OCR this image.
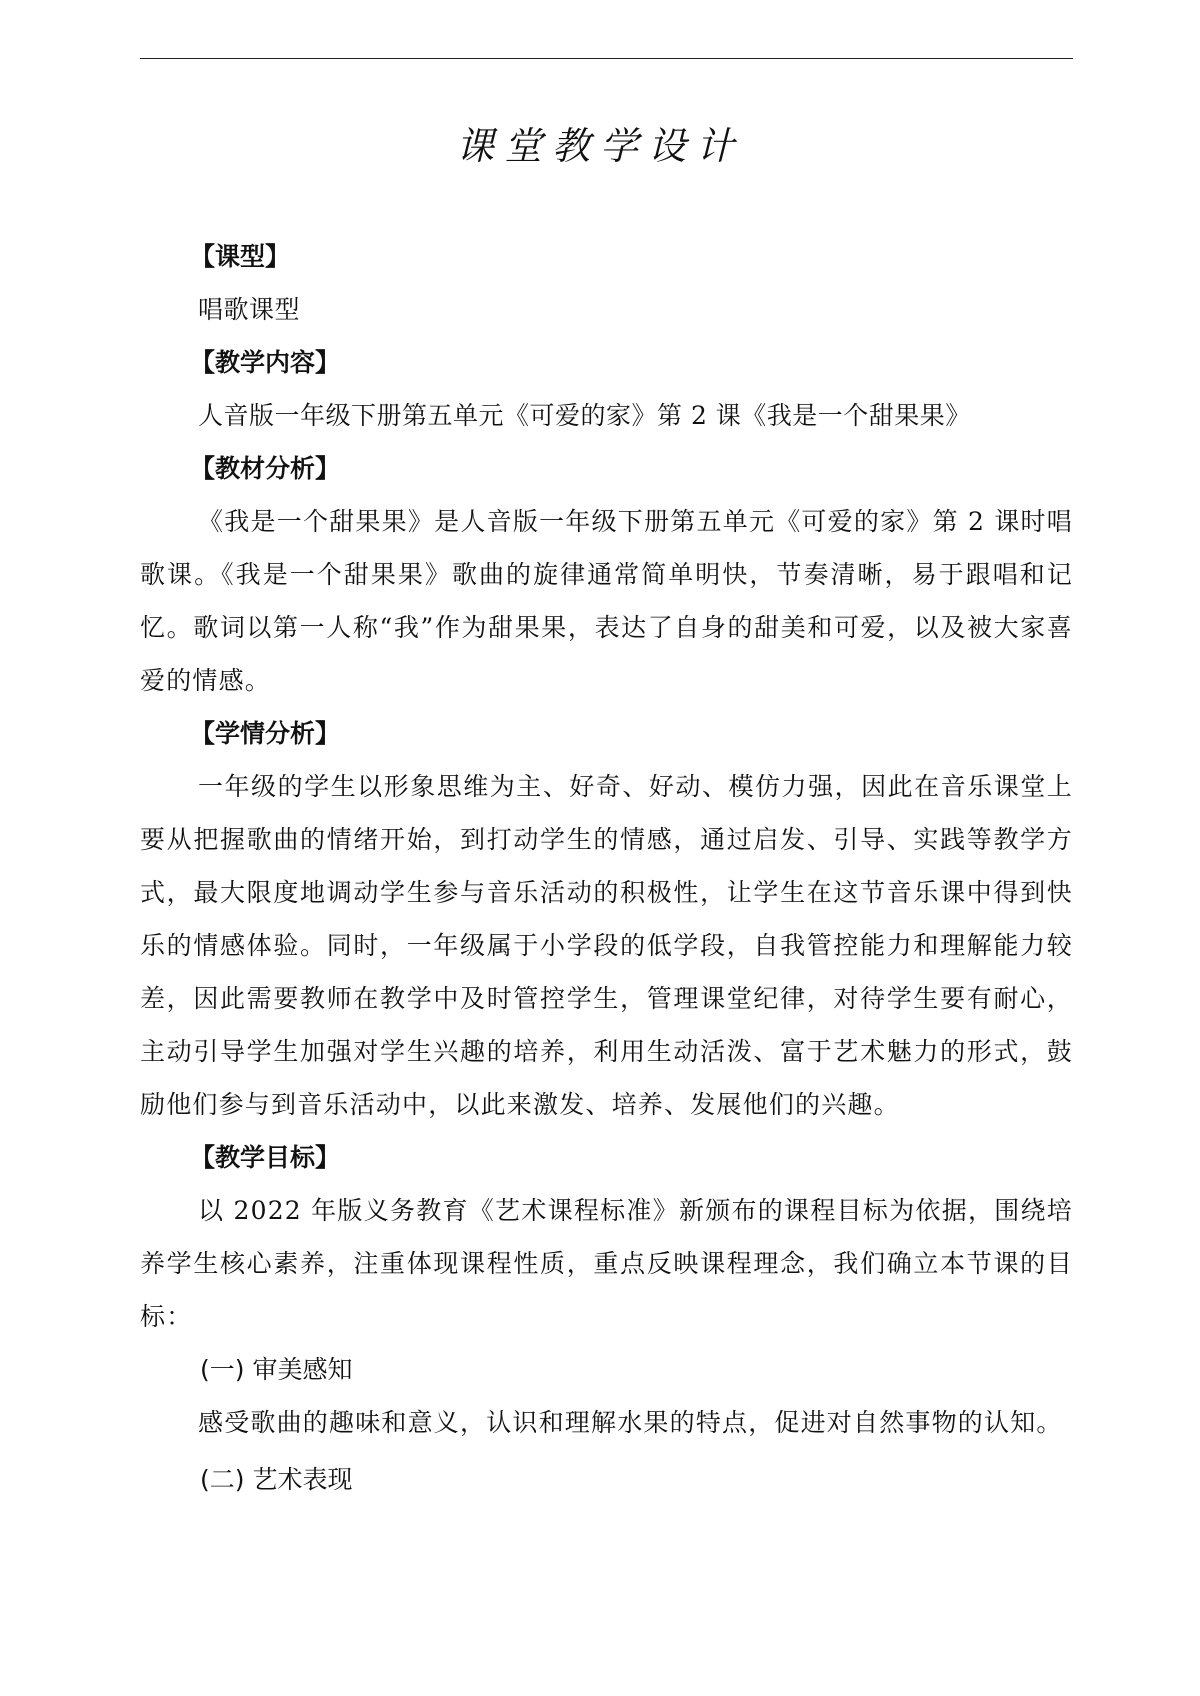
课堂教学设计
【课型】
唱歌课型
【教学内容】
人音版一年级下册第五单元《可爱的家》第 2 课《我是一个甜果果》
【教材分析】

《我是一个甜果果》是人音版一年级下册第五单元《可爱的家》第 2 课时唱歌课。《我是一个甜果果》歌曲的旋律通常简单明快，节奏清晰，易于跟唱和记忆。歌词以第一人称“我”作为甜果果，表达了自身的甜美和可爱，以及被大家喜爱的情感。

【学情分析】

一年级的学生以形象思维为主、好奇、好动、模仿力强，因此在音乐课堂上要从把握歌曲的情绪开始，到打动学生的情感，通过启发、引导、实践等教学方式，最大限度地调动学生参与音乐活动的积极性，让学生在这节音乐课中得到快乐的情感体验。同时，一年级属于小学段的低学段，自我管控能力和理解能力较差，因此需要教师在教学中及时管控学生，管理课堂纪律，对待学生要有耐心，主动引导学生加强对学生兴趣的培养，利用生动活泼、富于艺术魅力的形式，鼓励他们参与到音乐活动中，以此来激发、培养、发展他们的兴趣。

【教学目标】

以 2022 年版义务教育《艺术课程标准》新颁布的课程目标为依据，围绕培养学生核心素养，注重体现课程性质，重点反映课程理念，我们确立本节课的目标：

(一) 审美感知

感受歌曲的趣味和意义，认识和理解水果的特点，促进对自然事物的认知。

(二) 艺术表现
